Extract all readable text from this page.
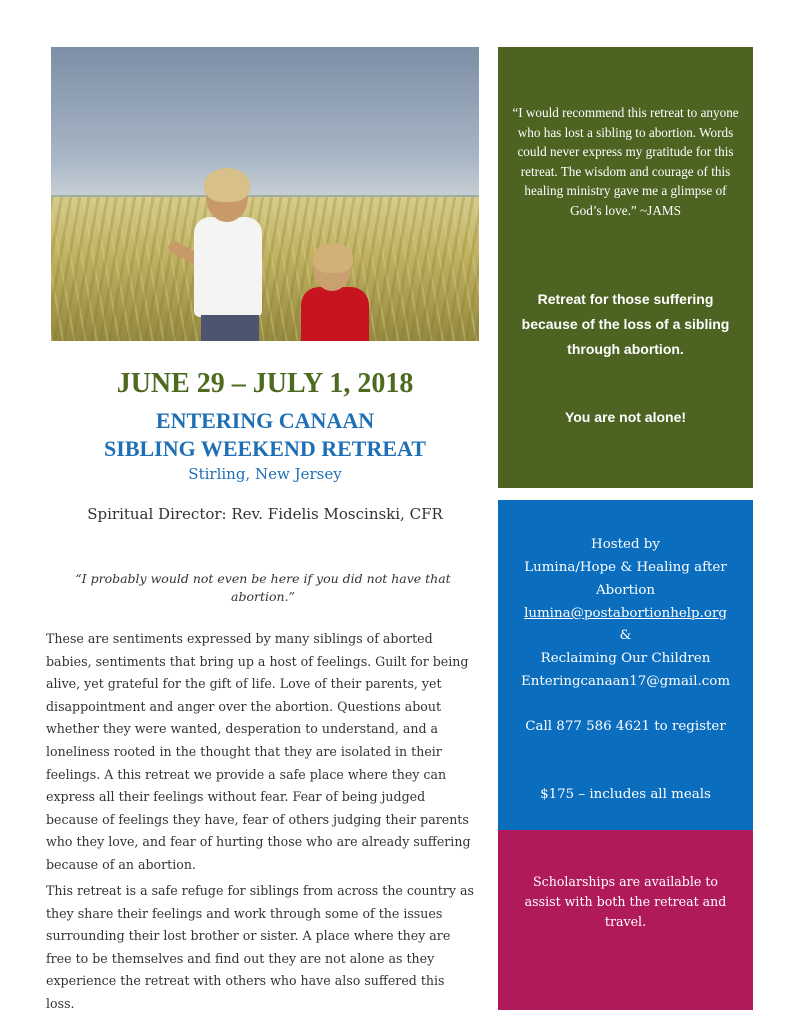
JUNE 29 – JULY 1, 2018
ENTERING CANAAN
SIBLING WEEKEND RETREAT
Stirling, New Jersey
Spiritual Director: Rev. Fidelis Moscinski, CFR
“I probably would not even be here if you did not have that abortion.”
These are sentiments expressed by many siblings of aborted babies, sentiments that bring up a host of feelings. Guilt for being alive, yet grateful for the gift of life. Love of their parents, yet disappointment and anger over the abortion. Questions about whether they were wanted, desperation to understand, and a loneliness rooted in the thought that they are isolated in their feelings. A this retreat we provide a safe place where they can express all their feelings without fear. Fear of being judged because of feelings they have, fear of others judging their parents who they love, and fear of hurting those who are already suffering because of an abortion.
This retreat is a safe refuge for siblings from across the country as they share their feelings and work through some of the issues surrounding their lost brother or sister. A place where they are free to be themselves and find out they are not alone as they experience the retreat with others who have also suffered this loss.
“I would recommend this retreat to anyone who has lost a sibling to abortion. Words could never express my gratitude for this retreat. The wisdom and courage of this healing ministry gave me a glimpse of God’s love.” ~JAMS
Retreat for those suffering because of the loss of a sibling through abortion.
You are not alone!
Hosted by
Lumina/Hope & Healing after Abortion
lumina@postabortionhelp.org
&
Reclaiming Our Children
Enteringcanaan17@gmail.com
Call 877 586 4621 to register
$175 – includes all meals
Scholarships are available to assist with both the retreat and travel.
